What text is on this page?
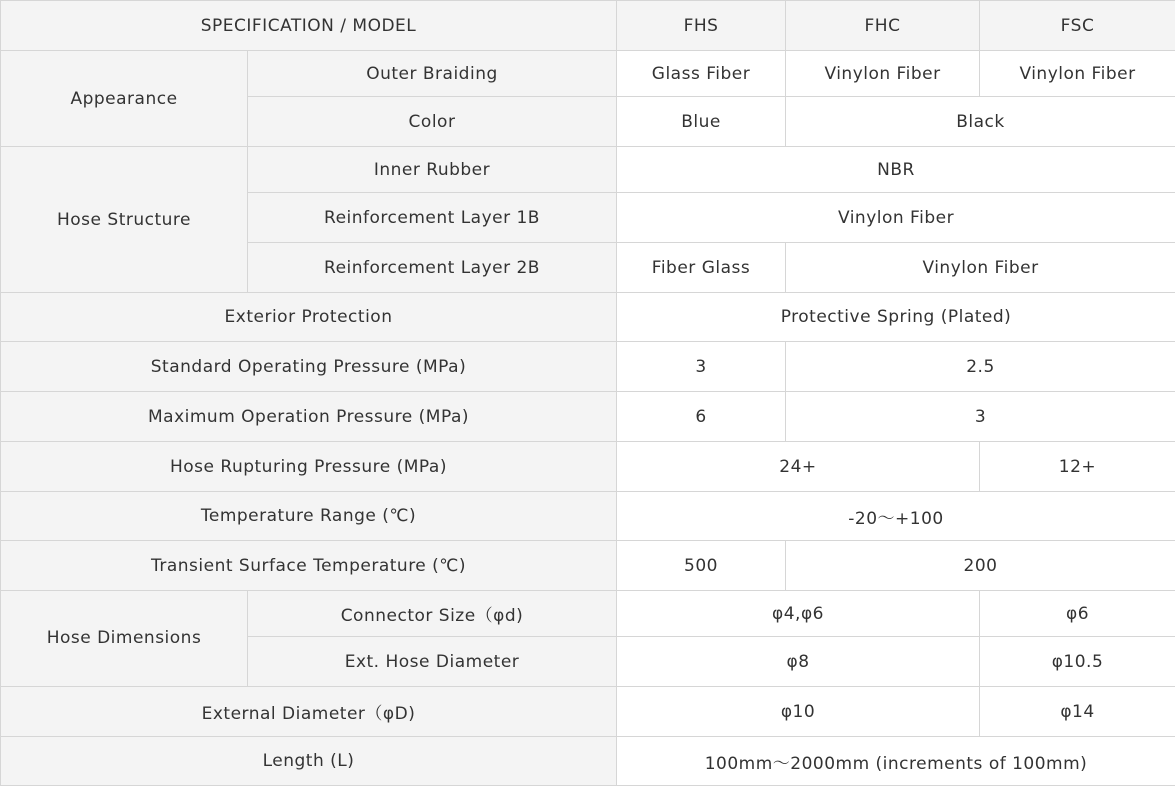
SPECIFICATION / MODEL		FHS	FHC	FSC
Appearance	Outer Braiding	Glass Fiber	Vinylon Fiber	Vinylon Fiber
	Color	Blue	Black	
Hose Structure	Inner Rubber	NBR		
	Reinforcement Layer 1B	Vinylon Fiber		
	Reinforcement Layer 2B	Fiber Glass	Vinylon Fiber	
Exterior Protection		Protective Spring (Plated)		
Standard Operating Pressure (MPa)		3	2.5	
Maximum Operation Pressure (MPa)		6	3	
Hose Rupturing Pressure (MPa)		24+		12+
Temperature Range (℃)		-20～+100		
Transient Surface Temperature (℃)		500	200	
Hose Dimensions	Connector Size（φd)	φ4,φ6		φ6
	Ext. Hose Diameter	φ8		φ10.5
External Diameter（φD)		φ10		φ14
Length (L)		100mm～2000mm (increments of 100mm)		
